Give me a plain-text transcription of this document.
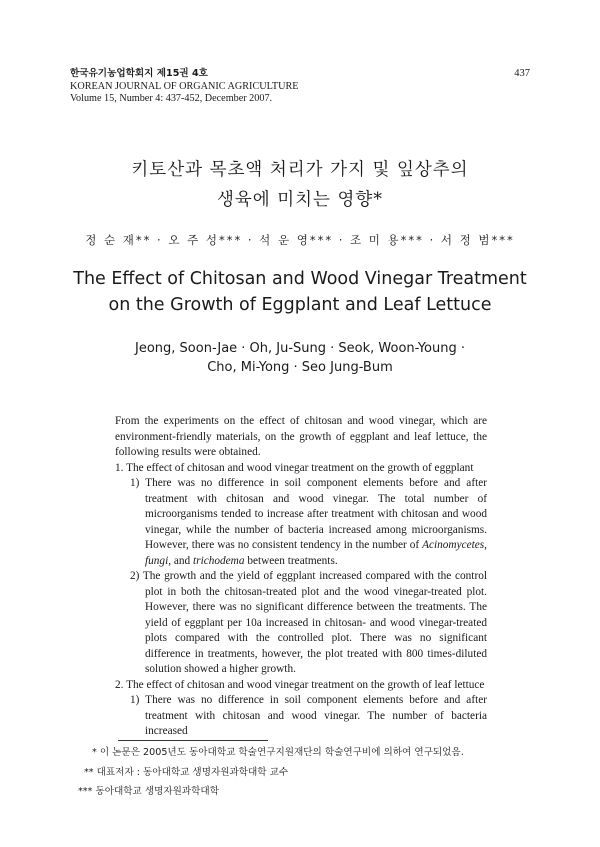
한국유기농업학회지 제15권 4호
KOREAN JOURNAL OF ORGANIC AGRICULTURE
Volume 15, Number 4: 437-452, December 2007.
437
키토산과 목초액 처리가 가지 및 잎상추의
생육에 미치는 영향*
정 순 재** · 오 주 성*** · 석 운 영*** · 조 미 용*** · 서 정 범***
The Effect of Chitosan and Wood Vinegar Treatment
on the Growth of Eggplant and Leaf Lettuce
Jeong, Soon-Jae · Oh, Ju-Sung · Seok, Woon-Young ·
Cho, Mi-Yong · Seo Jung-Bum

From the experiments on the effect of chitosan and wood vinegar, which are environment-friendly materials, on the growth of eggplant and leaf lettuce, the following results were obtained.

1. The effect of chitosan and wood vinegar treatment on the growth of eggplant

1) There was no difference in soil component elements before and after treatment with chitosan and wood vinegar. The total number of microorganisms tended to increase after treatment with chitosan and wood vinegar, while the number of bacteria increased among microorganisms. However, there was no consistent tendency in the number of Acinomycetes, fungi, and trichodema between treatments.

2) The growth and the yield of eggplant increased compared with the control plot in both the chitosan-treated plot and the wood vinegar-treated plot. However, there was no significant difference between the treatments. The yield of eggplant per 10a increased in chitosan- and wood vinegar-treated plots compared with the controlled plot. There was no significant difference in treatments, however, the plot treated with 800 times-diluted solution showed a higher growth.

2. The effect of chitosan and wood vinegar treatment on the growth of leaf lettuce

1) There was no difference in soil component elements before and after treatment with chitosan and wood vinegar. The number of bacteria increased

* 이 논문은 2005년도 동아대학교 학술연구지원재단의 학술연구비에 의하여 연구되었음.
** 대표저자 : 동아대학교 생명자원과학대학 교수
*** 동아대학교 생명자원과학대학
